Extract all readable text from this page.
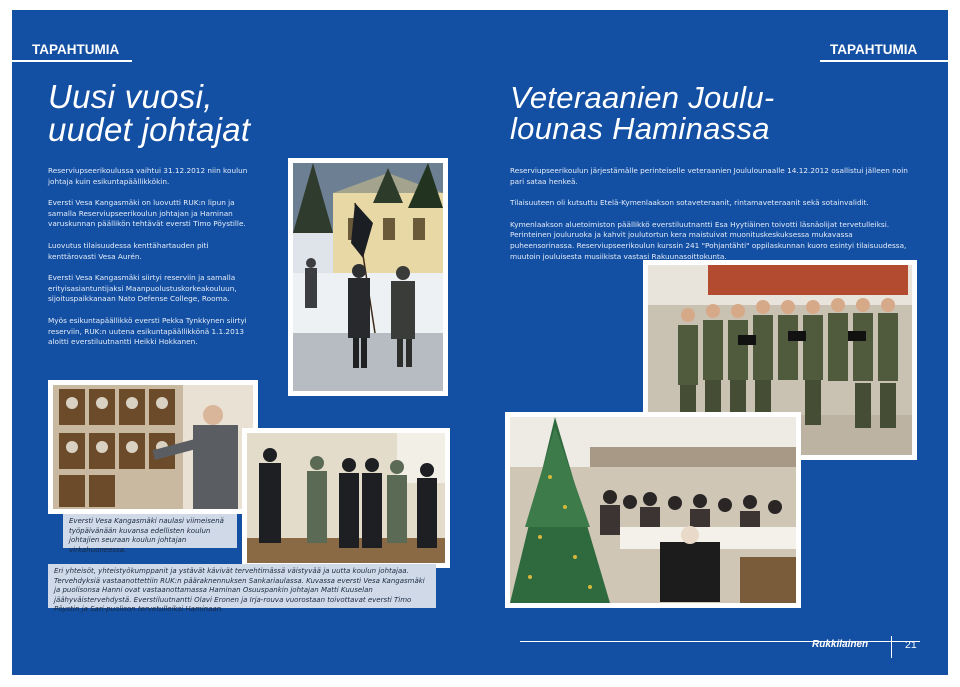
TAPAHTUMIA
Uusi vuosi,
uudet johtajat

Reserviupseerikoulussa vaihtui 31.12.2012 niin koulun johtaja kuin esikuntapäällikkökin.

Eversti Vesa Kangasmäki on luovutti RUK:n lipun ja samalla Reserviupseerikoulun johtajan ja Haminan varuskunnan päällikön tehtävät eversti Timo Pöystille.

Luovutus tilaisuudessa kenttähartauden piti kenttärovasti Vesa Aurén.

Eversti Vesa Kangasmäki siirtyi reserviin ja samalla erityisasiantuntijaksi Maanpuolustuskorkeakouluun, sijoituspaikkanaan Nato Defense College, Rooma.

Myös esikuntapäällikkö eversti Pekka Tynkkynen siirtyi reserviin, RUK:n uutena esikuntapäällikkönä 1.1.2013 aloitti everstiluutnantti Heikki Hokkanen.

Eversti Vesa Kangasmäki naulasi viimeisenä työpäivänään kuvansa edellisten koulun johtajien seuraan koulun johtajan virkahuoneessa.
Eri yhteisöt, yhteistyökumppanit ja ystävät kävivät tervehtimässä väistyvää ja uutta koulun johtajaa. Tervehdyksiä vastaanottettiin RUK:n pääraknennuksen Sankariaulassa. Kuvassa eversti Vesa Kangasmäki ja puolisonsa Hanni ovat vastaanottamassa Haminan Osuuspankin johtajan Matti Kuuselan jäähyväistervehdystä. Everstiluutnantti Olavi Eronen ja Irja-rouva vuorostaan toivottavat eversti Timo Pöystin ja Sari-puolison tervetulleiksi Haminaan.
TAPAHTUMIA
Veteraanien Joulu-
lounas Haminassa

Reserviupseerikoulun järjestämälle perinteiselle veteraanien Joululounaalle 14.12.2012 osallistui jälleen noin pari sataa henkeä.

Tilaisuuteen oli kutsuttu Etelä-Kymenlaakson sotaveteraanit, rintamaveteraanit sekä sotainvalidit.

Kymenlaakson aluetoimiston päällikkö everstiluutnantti Esa Hyytiäinen toivotti läsnäolijat tervetulleiksi. Perinteinen jouluruoka ja kahvit joulutortun kera maistuivat muonituskeskuksessa mukavassa puheensorinassa. Reserviupseerikoulun kurssin 241 "Pohjantähti" oppilaskunnan kuoro esintyi tilaisuudessa, muutoin jouluisesta musiikista vastasi Rakuunasoittokunta.

Rukkilainen	21
